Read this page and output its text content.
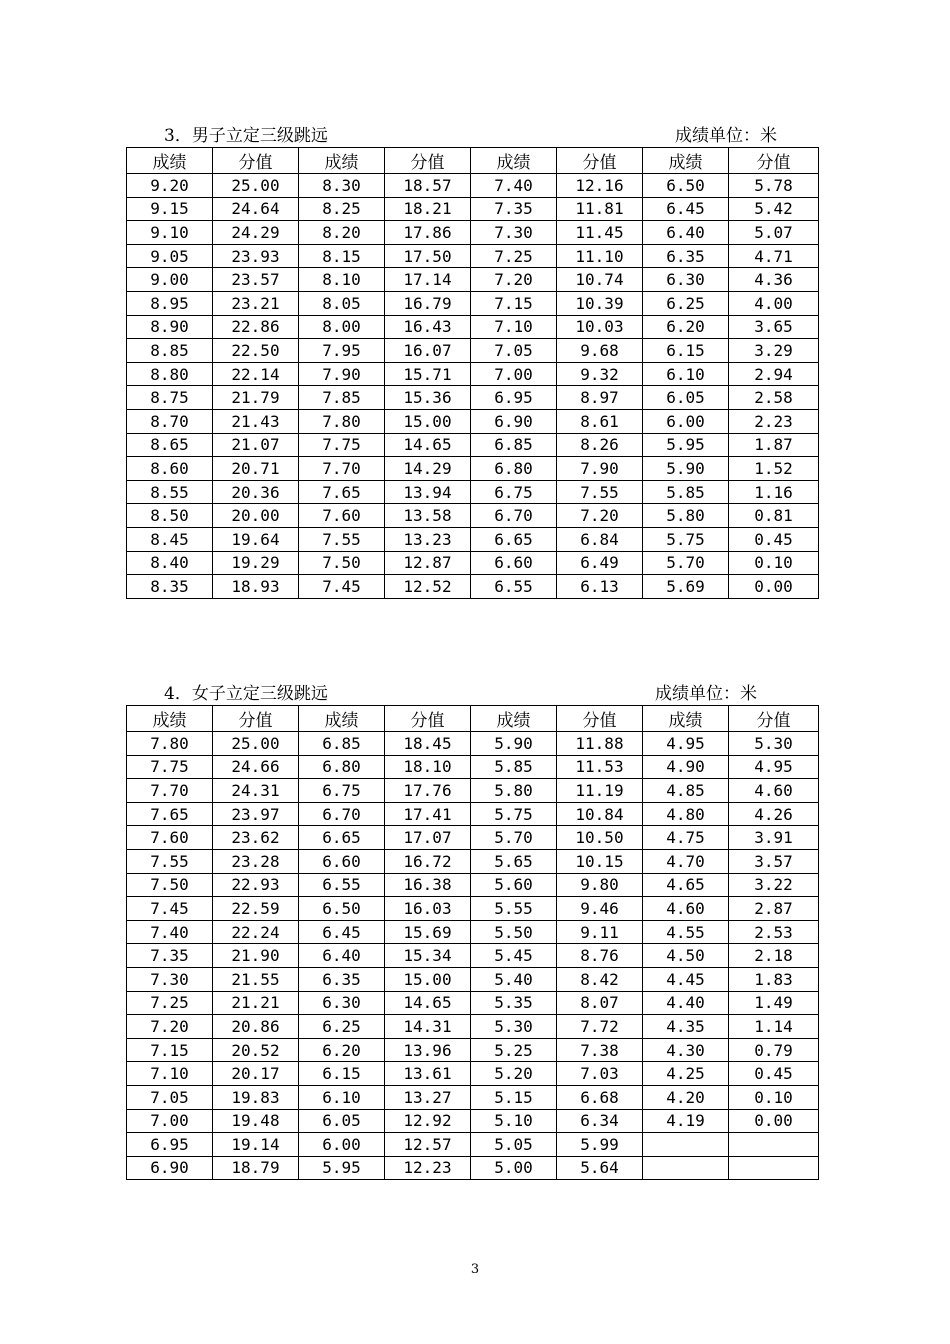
3．男子立定三级跳远	成绩单位：米
成绩	分值	成绩	分值	成绩	分值	成绩	分值
9.20	25.00	8.30	18.57	7.40	12.16	6.50	5.78
9.15	24.64	8.25	18.21	7.35	11.81	6.45	5.42
9.10	24.29	8.20	17.86	7.30	11.45	6.40	5.07
9.05	23.93	8.15	17.50	7.25	11.10	6.35	4.71
9.00	23.57	8.10	17.14	7.20	10.74	6.30	4.36
8.95	23.21	8.05	16.79	7.15	10.39	6.25	4.00
8.90	22.86	8.00	16.43	7.10	10.03	6.20	3.65
8.85	22.50	7.95	16.07	7.05	9.68	6.15	3.29
8.80	22.14	7.90	15.71	7.00	9.32	6.10	2.94
8.75	21.79	7.85	15.36	6.95	8.97	6.05	2.58
8.70	21.43	7.80	15.00	6.90	8.61	6.00	2.23
8.65	21.07	7.75	14.65	6.85	8.26	5.95	1.87
8.60	20.71	7.70	14.29	6.80	7.90	5.90	1.52
8.55	20.36	7.65	13.94	6.75	7.55	5.85	1.16
8.50	20.00	7.60	13.58	6.70	7.20	5.80	0.81
8.45	19.64	7.55	13.23	6.65	6.84	5.75	0.45
8.40	19.29	7.50	12.87	6.60	6.49	5.70	0.10
8.35	18.93	7.45	12.52	6.55	6.13	5.69	0.00
4．女子立定三级跳远	成绩单位：米
成绩	分值	成绩	分值	成绩	分值	成绩	分值
7.80	25.00	6.85	18.45	5.90	11.88	4.95	5.30
7.75	24.66	6.80	18.10	5.85	11.53	4.90	4.95
7.70	24.31	6.75	17.76	5.80	11.19	4.85	4.60
7.65	23.97	6.70	17.41	5.75	10.84	4.80	4.26
7.60	23.62	6.65	17.07	5.70	10.50	4.75	3.91
7.55	23.28	6.60	16.72	5.65	10.15	4.70	3.57
7.50	22.93	6.55	16.38	5.60	9.80	4.65	3.22
7.45	22.59	6.50	16.03	5.55	9.46	4.60	2.87
7.40	22.24	6.45	15.69	5.50	9.11	4.55	2.53
7.35	21.90	6.40	15.34	5.45	8.76	4.50	2.18
7.30	21.55	6.35	15.00	5.40	8.42	4.45	1.83
7.25	21.21	6.30	14.65	5.35	8.07	4.40	1.49
7.20	20.86	6.25	14.31	5.30	7.72	4.35	1.14
7.15	20.52	6.20	13.96	5.25	7.38	4.30	0.79
7.10	20.17	6.15	13.61	5.20	7.03	4.25	0.45
7.05	19.83	6.10	13.27	5.15	6.68	4.20	0.10
7.00	19.48	6.05	12.92	5.10	6.34	4.19	0.00
6.95	19.14	6.00	12.57	5.05	5.99		
6.90	18.79	5.95	12.23	5.00	5.64		
3
